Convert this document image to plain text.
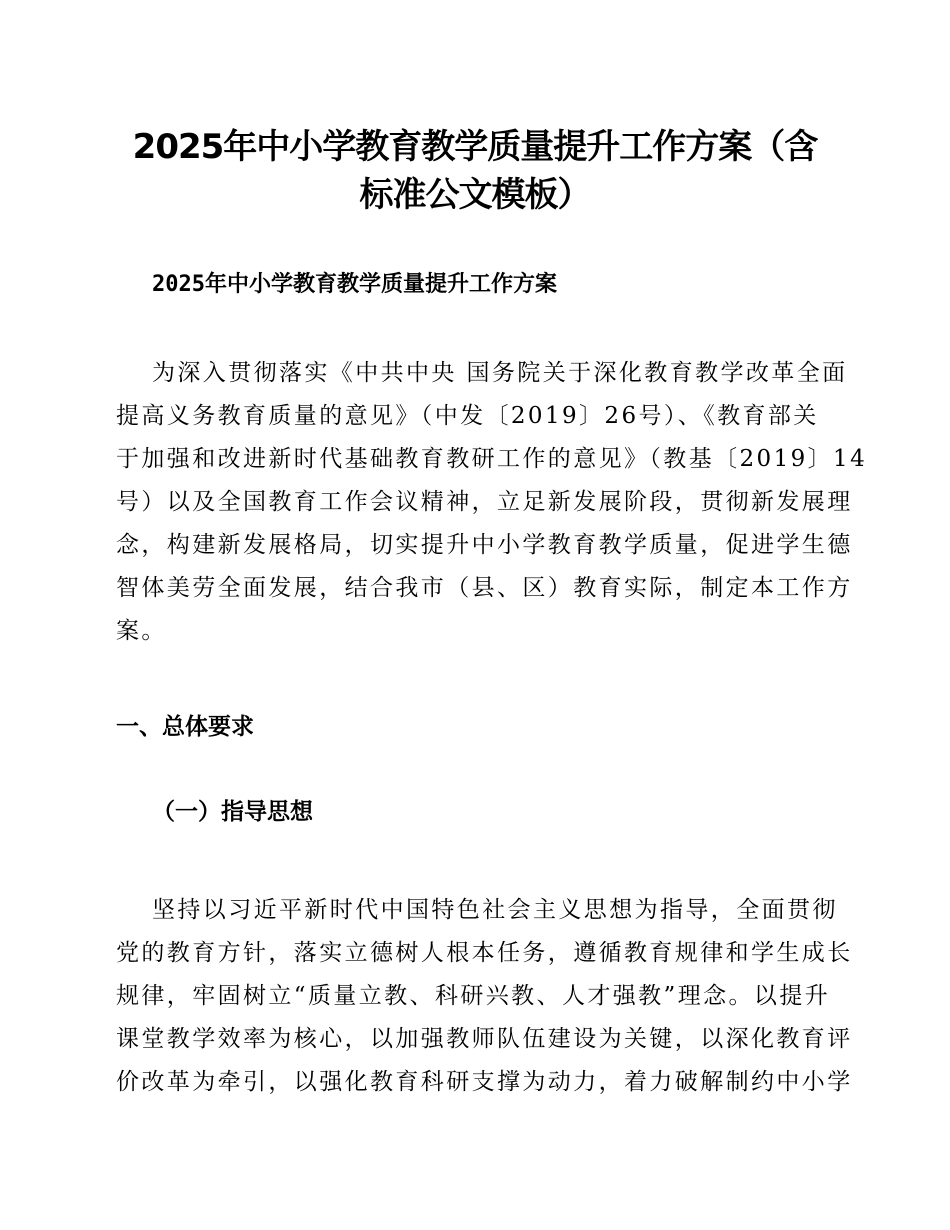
2025年中小学教育教学质量提升工作方案（含
标准公文模板）
2025年中小学教育教学质量提升工作方案

为深入贯彻落实《中共中央 国务院关于深化教育教学改革全面
提高义务教育质量的意见》（中发〔2019〕26号）、《教育部关
于加强和改进新时代基础教育教研工作的意见》（教基〔2019〕14
号）以及全国教育工作会议精神，立足新发展阶段，贯彻新发展理
念，构建新发展格局，切实提升中小学教育教学质量，促进学生德
智体美劳全面发展，结合我市（县、区）教育实际，制定本工作方
案。

一、总体要求
（一）指导思想

坚持以习近平新时代中国特色社会主义思想为指导，全面贯彻
党的教育方针，落实立德树人根本任务，遵循教育规律和学生成长
规律，牢固树立“质量立教、科研兴教、人才强教”理念。以提升
课堂教学效率为核心，以加强教师队伍建设为关键，以深化教育评
价改革为牵引，以强化教育科研支撑为动力，着力破解制约中小学
